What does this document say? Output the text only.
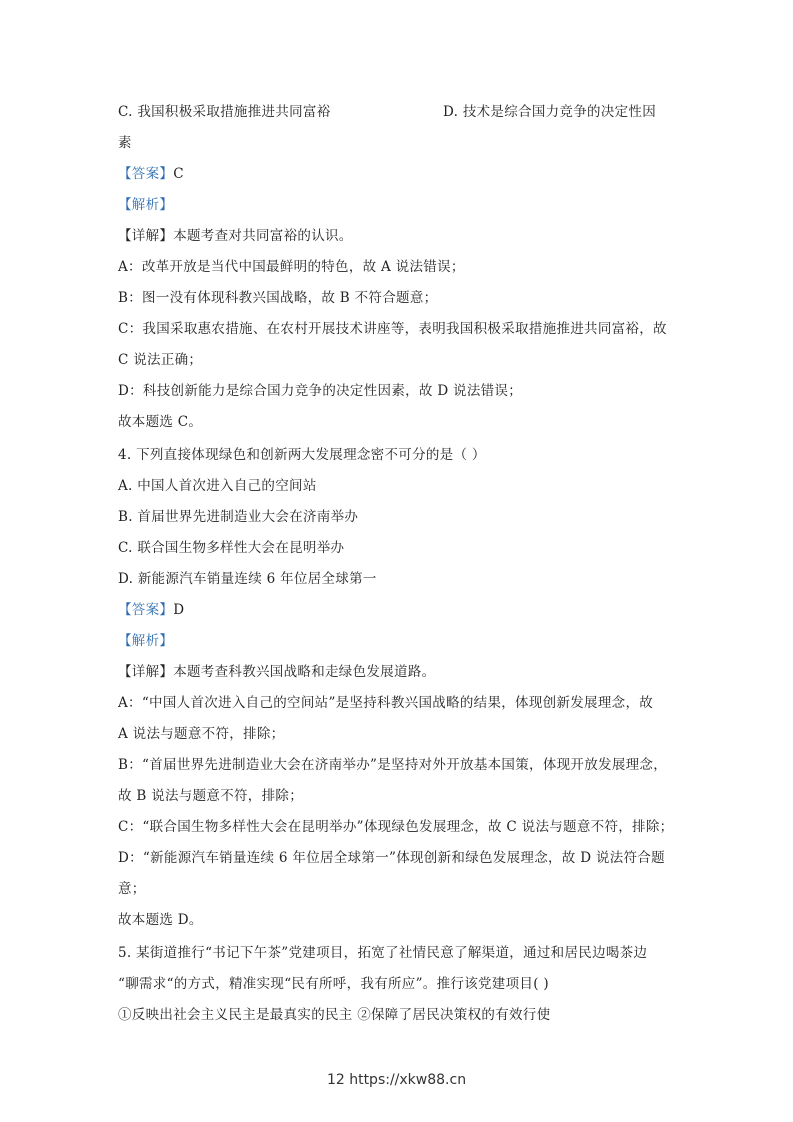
C. 我国积极采取措施推进共同富裕	D. 技术是综合国力竞争的决定性因
素
【答案】C
【解析】
【详解】本题考查对共同富裕的认识。
A：改革开放是当代中国最鲜明的特色，故 A 说法错误；
B：图一没有体现科教兴国战略，故 B 不符合题意；
C：我国采取惠农措施、在农村开展技术讲座等，表明我国积极采取措施推进共同富裕，故
C 说法正确；
D：科技创新能力是综合国力竞争的决定性因素，故 D 说法错误；
故本题选 C。
4. 下列直接体现绿色和创新两大发展理念密不可分的是（ ）
A. 中国人首次进入自己的空间站
B. 首届世界先进制造业大会在济南举办
C. 联合国生物多样性大会在昆明举办
D. 新能源汽车销量连续 6 年位居全球第一
【答案】D
【解析】
【详解】本题考查科教兴国战略和走绿色发展道路。
A：“中国人首次进入自己的空间站”是坚持科教兴国战略的结果，体现创新发展理念，故
A 说法与题意不符，排除；
B：“首届世界先进制造业大会在济南举办”是坚持对外开放基本国策，体现开放发展理念，
故 B 说法与题意不符，排除；
C：“联合国生物多样性大会在昆明举办”体现绿色发展理念，故 C 说法与题意不符，排除；
D：“新能源汽车销量连续 6 年位居全球第一”体现创新和绿色发展理念，故 D 说法符合题
意；
故本题选 D。
5. 某街道推行“书记下午茶”党建项目，拓宽了社情民意了解渠道，通过和居民边喝茶边
“聊需求“的方式，精准实现“民有所呼，我有所应”。推行该党建项目( )
①反映出社会主义民主是最真实的民主 ②保障了居民决策权的有效行使
12 https://xkw88.cn
